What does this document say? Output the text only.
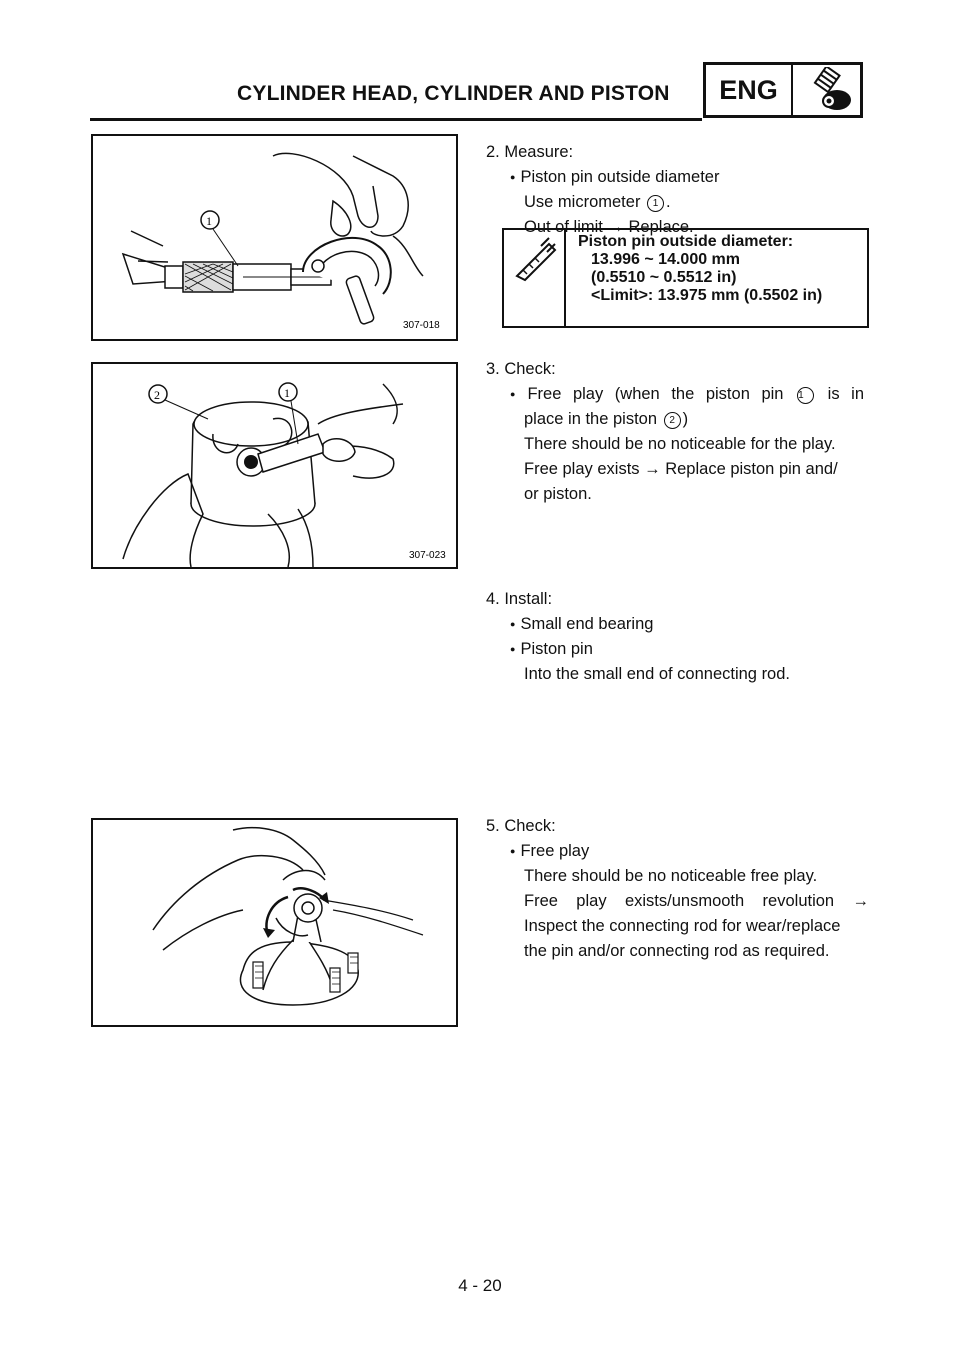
CYLINDER HEAD, CYLINDER AND PISTON	ENG
1
307-018

2. Measure:

● Piston pin outside diameter

Use micrometer 1 .

Out of limit → Replace.

Piston pin outside diameter:

13.996 ~ 14.000 mm

(0.5510 ~ 0.5512 in)

<Limit>: 13.975 mm (0.5502 in)

2	1
307-023

3. Check:

● Free play (when the piston pin 1 is in

place in the piston 2 )

There should be no noticeable for the play.

Free play exists → Replace piston pin and/

or piston.

4. Install:

● Small end bearing

● Piston pin

Into the small end of connecting rod.

5. Check:

● Free play

There should be no noticeable free play.

Free play exists/unsmooth revolution →

Inspect the connecting rod for wear/replace

the pin and/or connecting rod as required.

4 - 20
